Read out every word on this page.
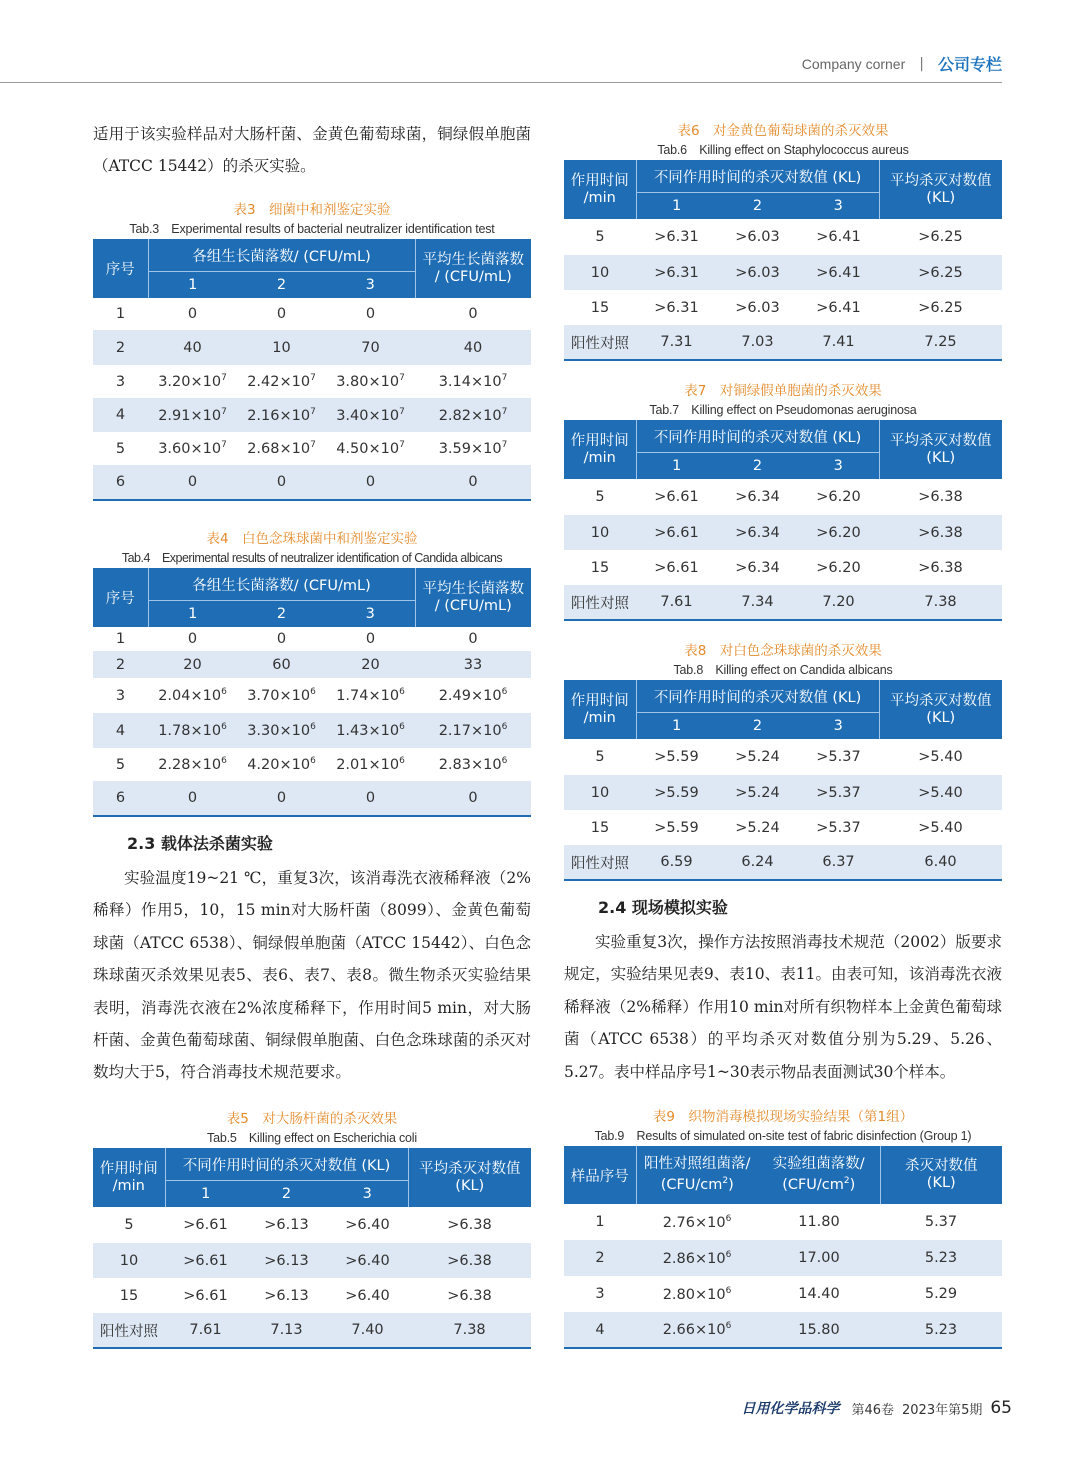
Company corner | 公司专栏

适用于该实验样品对大肠杆菌、金黄色葡萄球菌，铜绿假单胞菌（ATCC 15442）的杀灭实验。

表3　细菌中和剂鉴定实验

Tab.3　Experimental results of bacterial neutralizer identification test

序号	各组生长菌落数/ (CFU/mL)			平均生长菌落数
/ (CFU/mL)

	1	2	3	
1	0	0	0	0
2	40	10	70	40
3	$3.20\times 10^7$	$2.42\times 10^7$	$3.80\times 10^7$	$3.14\times 10^7$
4	$2.91\times 10^7$	$2.16\times 10^7$	$3.40\times 10^7$	$2.82\times 10^7$
5	$3.60\times 10^7$	$2.68\times 10^7$	$4.50\times 10^7$	$3.59\times 10^7$
6	0	0	0	0

表4　白色念珠球菌中和剂鉴定实验

Tab.4　Experimental results of neutralizer identification of Candida albicans

序号	各组生长菌落数/ (CFU/mL)			平均生长菌落数
/ (CFU/mL)

	1	2	3	
1	0	0	0	0
2	20	60	20	33
3	$2.04\times 10^6$	$3.70\times 10^6$	$1.74\times 10^6$	$2.49\times 10^6$
4	$1.78\times 10^6$	$3.30\times 10^6$	$1.43\times 10^6$	$2.17\times 10^6$
5	$2.28\times 10^6$	$4.20\times 10^6$	$2.01\times 10^6$	$2.83\times 10^6$
6	0	0	0	0

2.3 载体法杀菌实验

实验温度19~21 ℃，重复3次，该消毒洗衣液稀释液（2%稀释）作用5，10，15 min对大肠杆菌（8099）、金黄色葡萄球菌（ATCC 6538）、铜绿假单胞菌（ATCC 15442）、白色念珠球菌灭杀效果见表5、表6、表7、表8。微生物杀灭实验结果表明，消毒洗衣液在2%浓度稀释下，作用时间5 min，对大肠杆菌、金黄色葡萄球菌、铜绿假单胞菌、白色念珠球菌的杀灭对数均大于5，符合消毒技术规范要求。

表5　对大肠杆菌的杀灭效果

Tab.5　Killing effect on Escherichia coli

作用时间
/min	不同作用时间的杀灭对数值 (KL)			平均杀灭对数值
(KL)

	1	2	3	
5	>6.61	>6.13	>6.40	>6.38
10	>6.61	>6.13	>6.40	>6.38
15	>6.61	>6.13	>6.40	>6.38
阳性对照	7.61	7.13	7.40	7.38

表6　对金黄色葡萄球菌的杀灭效果

Tab.6　Killing effect on Staphylococcus aureus

作用时间
/min	不同作用时间的杀灭对数值 (KL)			平均杀灭对数值
(KL)

	1	2	3	
5	>6.31	>6.03	>6.41	>6.25
10	>6.31	>6.03	>6.41	>6.25
15	>6.31	>6.03	>6.41	>6.25
阳性对照	7.31	7.03	7.41	7.25

表7　对铜绿假单胞菌的杀灭效果

Tab.7　Killing effect on Pseudomonas aeruginosa

作用时间
/min	不同作用时间的杀灭对数值 (KL)			平均杀灭对数值
(KL)

	1	2	3	
5	>6.61	>6.34	>6.20	>6.38
10	>6.61	>6.34	>6.20	>6.38
15	>6.61	>6.34	>6.20	>6.38
阳性对照	7.61	7.34	7.20	7.38

表8　对白色念珠球菌的杀灭效果

Tab.8　Killing effect on Candida albicans

作用时间
/min	不同作用时间的杀灭对数值 (KL)			平均杀灭对数值
(KL)

	1	2	3	
5	>5.59	>5.24	>5.37	>5.40
10	>5.59	>5.24	>5.37	>5.40
15	>5.59	>5.24	>5.37	>5.40
阳性对照	6.59	6.24	6.37	6.40

2.4 现场模拟实验

实验重复3次，操作方法按照消毒技术规范（2002）版要求规定，实验结果见表9、表10、表11。由表可知，该消毒洗衣液稀释液（2%稀释）作用10 min对所有织物样本上金黄色葡萄球菌（ATCC 6538）的平均杀灭对数值分别为5.29、5.26、5.27。表中样品序号1~30表示物品表面测试30个样本。

表9　织物消毒模拟现场实验结果（第1组）

Tab.9　Results of simulated on-site test of fabric disinfection (Group 1)

样品序号	阳性对照组菌落/
$(CFU/cm^2)$	实验组菌落数/
$(CFU/cm^2)$	杀灭对数值
(KL)

1	$2.76\times 10^6$	11.80	5.37
2	$2.86\times 10^6$	17.00	5.23
3	$2.80\times 10^6$	14.40	5.29
4	$2.66\times 10^6$	15.80	5.23
日用化学品科学 第46卷 2023年第5期 65
